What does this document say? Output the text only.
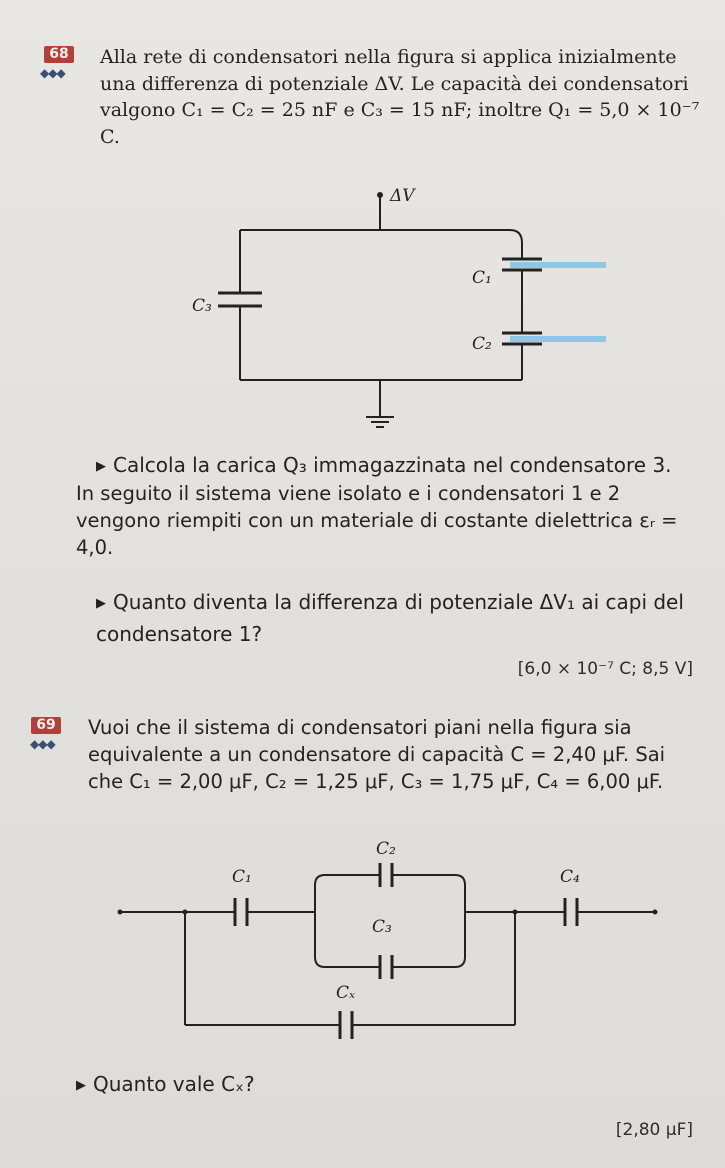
68
◆◆◆

Alla rete di condensatori nella figura si applica inizialmente una differenza di potenziale ΔV. Le capacità dei condensatori valgono C₁ = C₂ = 25 nF e C₃ = 15 nF; inoltre Q₁ = 5,0 × 10⁻⁷ C.

ΔV
C₁
C₂
C₃

▶ Calcola la carica Q₃ immagazzinata nel condensatore 3.

In seguito il sistema viene isolato e i condensatori 1 e 2 vengono riempiti con un materiale di costante dielettrica εᵣ = 4,0.

▶ Quanto diventa la differenza di potenziale ΔV₁ ai capi del condensatore 1?

[6,0 × 10⁻⁷ C; 8,5 V]
69
◆◆◆

Vuoi che il sistema di condensatori piani nella figura sia equivalente a un condensatore di capacità C = 2,40 μF. Sai che C₁ = 2,00 μF, C₂ = 1,25 μF, C₃ = 1,75 μF, C₄ = 6,00 μF.

C₁
C₂
C₃
C₄
Cₓ

▶ Quanto vale Cₓ?

[2,80 μF]
